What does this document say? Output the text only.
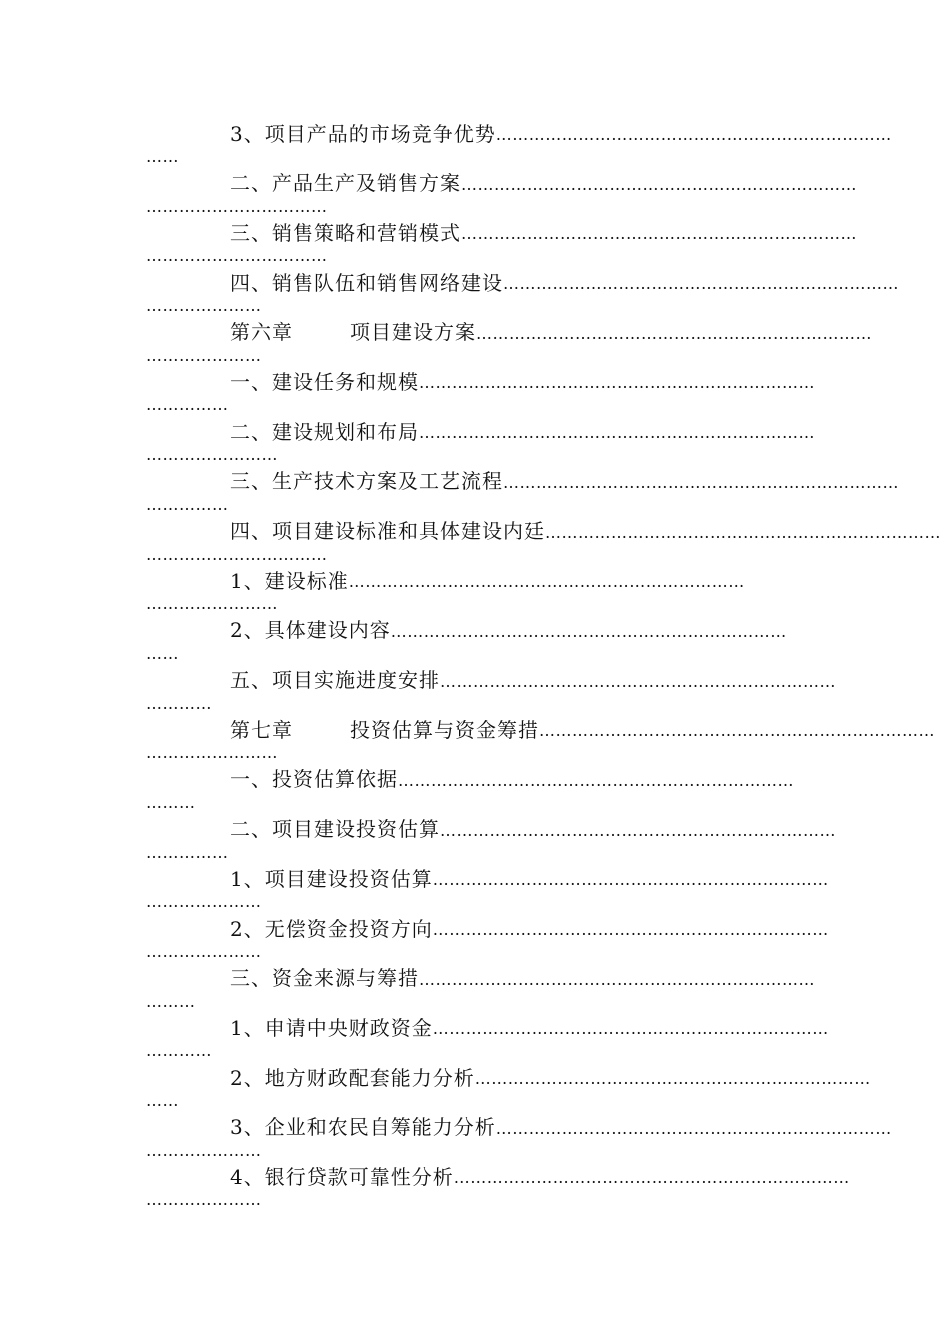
3、项目产品的市场竞争优势 ………………………………………………………………
……
二、产品生产及销售方案 ………………………………………………………………
……………………………
三、销售策略和营销模式 ………………………………………………………………
……………………………
四、销售队伍和销售网络建设 ………………………………………………………………
…………………
第六章	项目建设方案 ………………………………………………………………
…………………
一、建设任务和规模 ………………………………………………………………
……………
二、建设规划和布局 ………………………………………………………………
……………………
三、生产技术方案及工艺流程 ………………………………………………………………
……………
四、项目建设标准和具体建设内廷 ………………………………………………………………
……………………………
1、建设标准 ………………………………………………………………
……………………
2、具体建设内容 ………………………………………………………………
……
五、项目实施进度安排 ………………………………………………………………
…………
第七章	投资估算与资金筹措 ………………………………………………………………
……………………
一、投资估算依据 ………………………………………………………………
………
二、项目建设投资估算 ………………………………………………………………
……………
1、项目建设投资估算 ………………………………………………………………
…………………
2、无偿资金投资方向 ………………………………………………………………
…………………
三、资金来源与筹措 ………………………………………………………………
………
1、申请中央财政资金 ………………………………………………………………
…………
2、地方财政配套能力分析 ………………………………………………………………
……
3、企业和农民自筹能力分析 ………………………………………………………………
…………………
4、银行贷款可靠性分析 ………………………………………………………………
…………………
